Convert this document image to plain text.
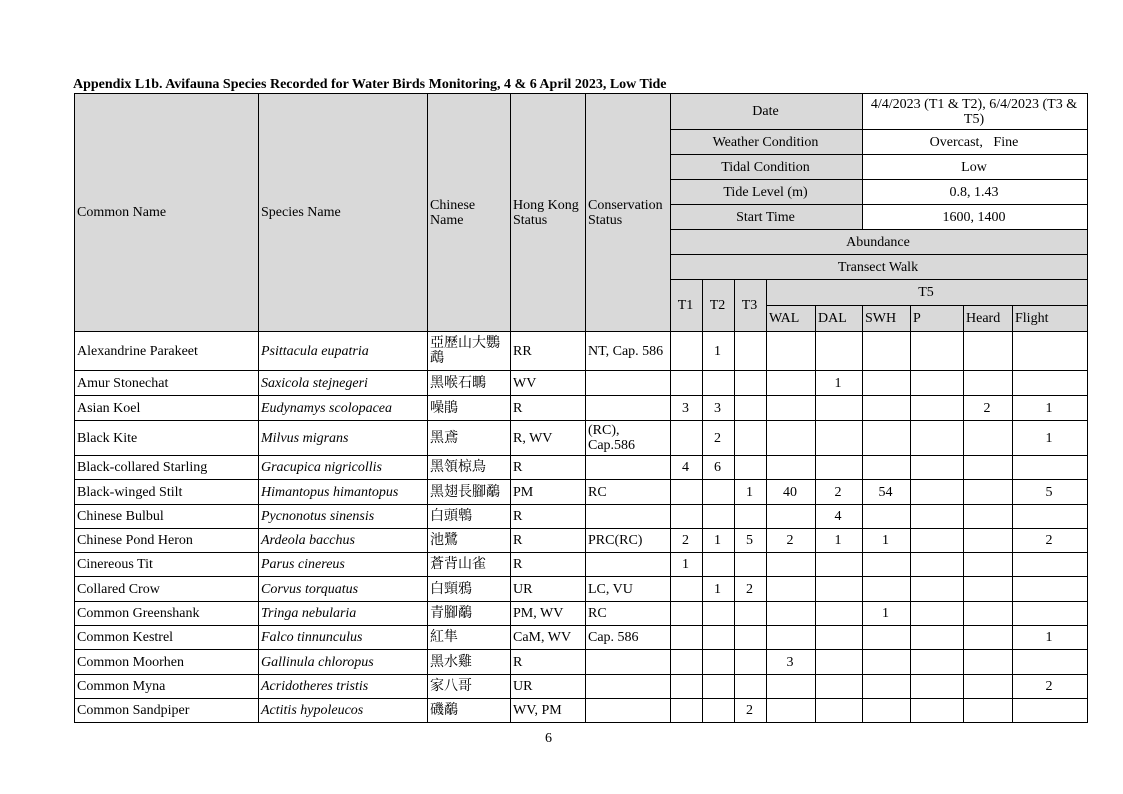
Appendix L1b. Avifauna Species Recorded for Water Birds Monitoring, 4 & 6 April 2023, Low Tide
Common Name	Species Name	Chinese Name	Hong Kong Status	Conservation Status	Date					4/4/2023 (T1 & T2), 6/4/2023 (T3 & T5)			
					Weather Condition					Overcast,   Fine			
					Tidal Condition					Low			
					Tide Level (m)					0.8, 1.43			
					Start Time					1600, 1400			
					Abundance								
					Transect Walk								
					T1	T2	T3	T5					
								WAL	DAL	SWH	P	Heard	Flight
Alexandrine Parakeet	Psittacula eupatria	亞歷山大鸚鵡	RR	NT, Cap. 586		1							
Amur Stonechat	Saxicola stejnegeri	黑喉石䳭	WV						1				
Asian Koel	Eudynamys scolopacea	噪鵑	R		3	3						2	1
Black Kite	Milvus migrans	黑鳶	R, WV	(RC), Cap.586		2							1
Black-collared Starling	Gracupica nigricollis	黑領椋鳥	R		4	6							
Black-winged Stilt	Himantopus himantopus	黑翅長腳鷸	PM	RC			1	40	2	54			5
Chinese Bulbul	Pycnonotus sinensis	白頭鵯	R						4				
Chinese Pond Heron	Ardeola bacchus	池鷺	R	PRC(RC)	2	1	5	2	1	1			2
Cinereous Tit	Parus cinereus	蒼背山雀	R		1								
Collared Crow	Corvus torquatus	白頸鴉	UR	LC, VU		1	2						
Common Greenshank	Tringa nebularia	青腳鷸	PM, WV	RC						1			
Common Kestrel	Falco tinnunculus	紅隼	CaM, WV	Cap. 586									1
Common Moorhen	Gallinula chloropus	黑水雞	R					3					
Common Myna	Acridotheres tristis	家八哥	UR										2
Common Sandpiper	Actitis hypoleucos	磯鷸	WV, PM				2						
6
